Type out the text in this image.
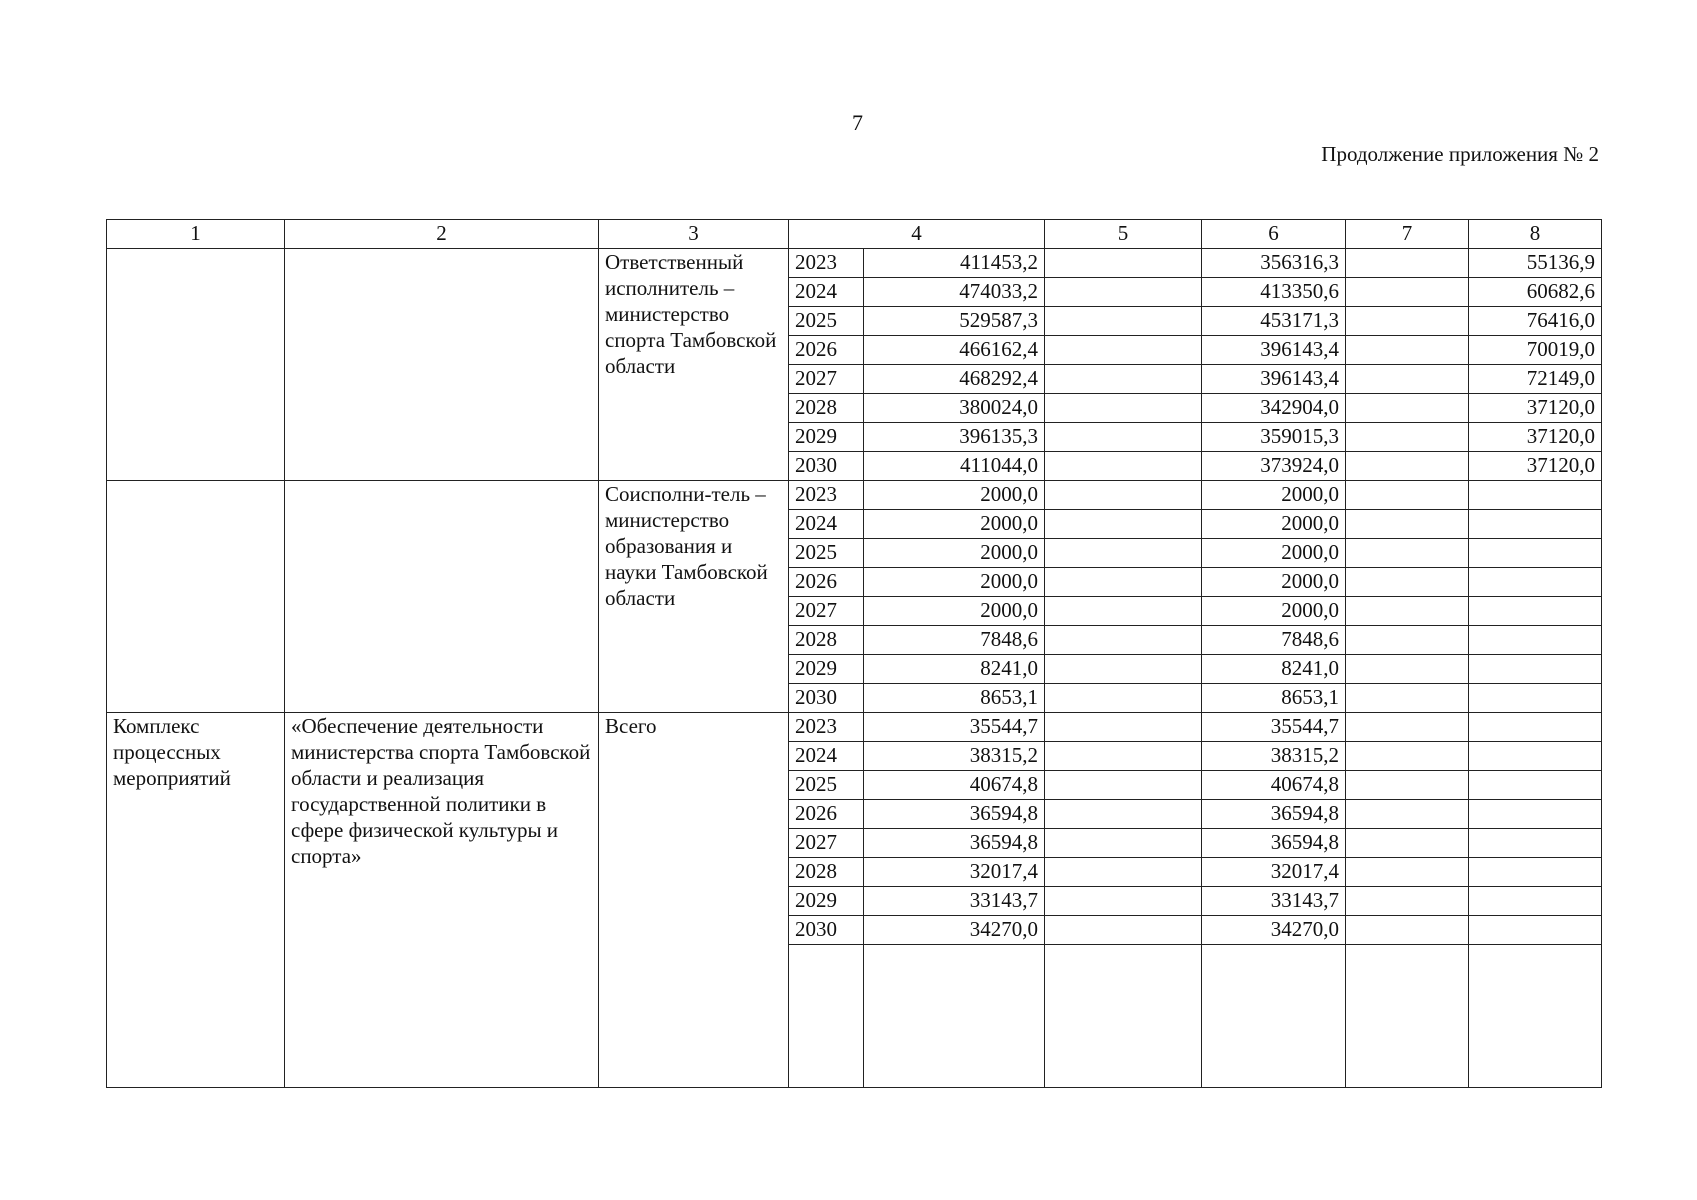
7
Продолжение приложения № 2
1	2	3	4		5	6	7	8
		Ответственный исполнитель – министерство спорта Тамбовской области	2023	411453,2		356316,3		55136,9
			2024	474033,2		413350,6		60682,6
			2025	529587,3		453171,3		76416,0
			2026	466162,4		396143,4		70019,0
			2027	468292,4		396143,4		72149,0
			2028	380024,0		342904,0		37120,0
			2029	396135,3		359015,3		37120,0
			2030	411044,0		373924,0		37120,0
		Соисполни-тель – министерство образования и науки Тамбовской области	2023	2000,0		2000,0		
			2024	2000,0		2000,0		
			2025	2000,0		2000,0		
			2026	2000,0		2000,0		
			2027	2000,0		2000,0		
			2028	7848,6		7848,6		
			2029	8241,0		8241,0		
			2030	8653,1		8653,1		
Комплекс процессных мероприятий	«Обеспечение деятельности министерства спорта Тамбовской области и реализация государственной политики в сфере физической культуры и спорта»	Всего	2023	35544,7		35544,7		
			2024	38315,2		38315,2		
			2025	40674,8		40674,8		
			2026	36594,8		36594,8		
			2027	36594,8		36594,8		
			2028	32017,4		32017,4		
			2029	33143,7		33143,7		
			2030	34270,0		34270,0		
